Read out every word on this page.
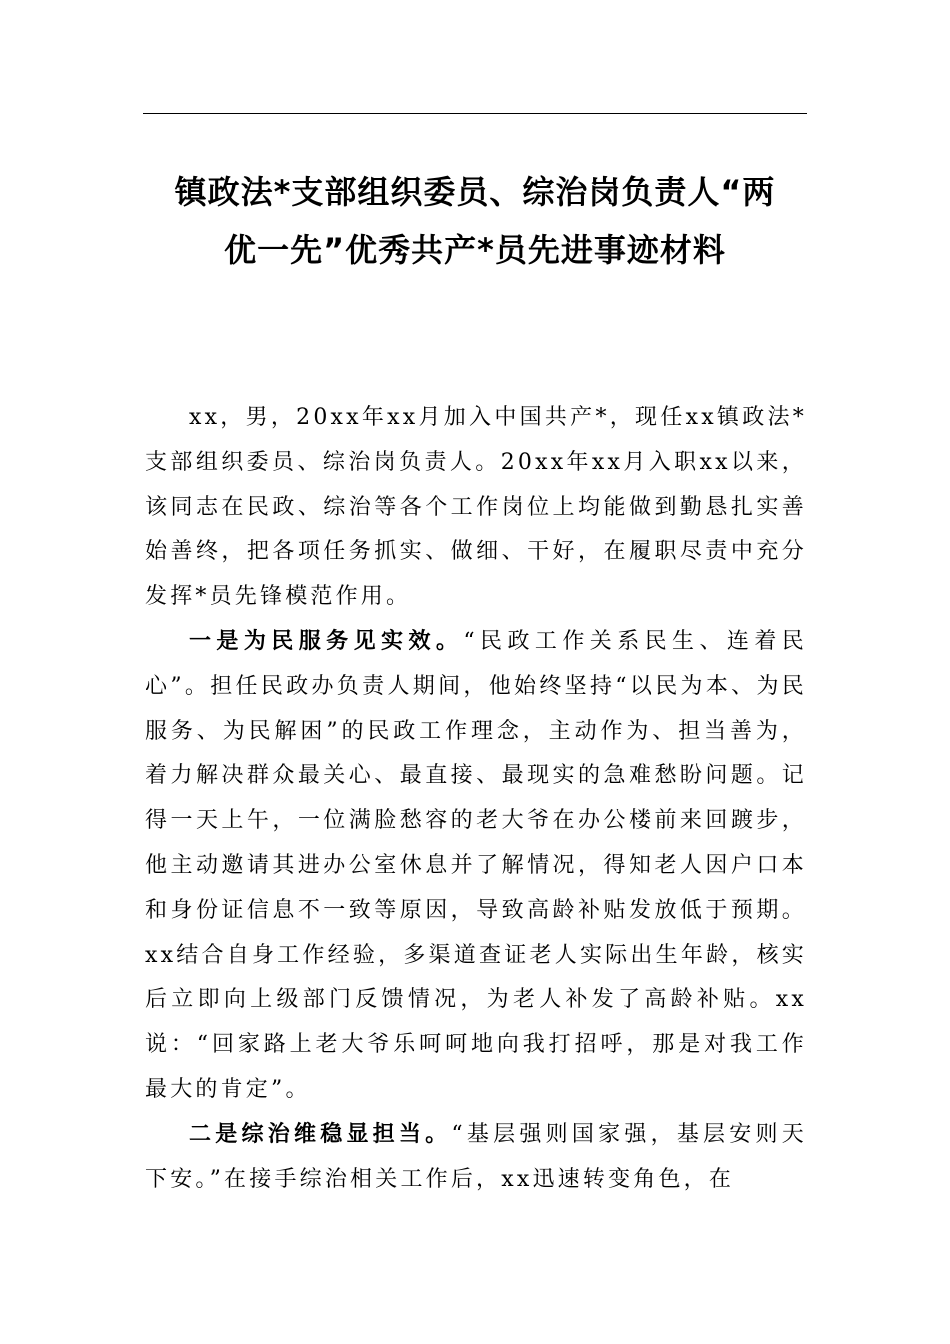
镇政法*支部组织委员、综治岗负责人“两
优一先”优秀共产*员先进事迹材料

xx，男，20xx年xx月加入中国共产*，现任xx镇政法*支部组织委员、综治岗负责人。20xx年xx月入职xx以来，该同志在民政、综治等各个工作岗位上均能做到勤恳扎实善始善终，把各项任务抓实、做细、干好，在履职尽责中充分发挥*员先锋模范作用。

一是为民服务见实效。“民政工作关系民生、连着民心”。担任民政办负责人期间，他始终坚持“以民为本、为民服务、为民解困”的民政工作理念，主动作为、担当善为，着力解决群众最关心、最直接、最现实的急难愁盼问题。记得一天上午，一位满脸愁容的老大爷在办公楼前来回踱步，他主动邀请其进办公室休息并了解情况，得知老人因户口本和身份证信息不一致等原因，导致高龄补贴发放低于预期。xx结合自身工作经验，多渠道查证老人实际出生年龄，核实后立即向上级部门反馈情况，为老人补发了高龄补贴。xx说：“回家路上老大爷乐呵呵地向我打招呼，那是对我工作最大的肯定”。

二是综治维稳显担当。“基层强则国家强，基层安则天下安。”在接手综治相关工作后，xx迅速转变角色，在
